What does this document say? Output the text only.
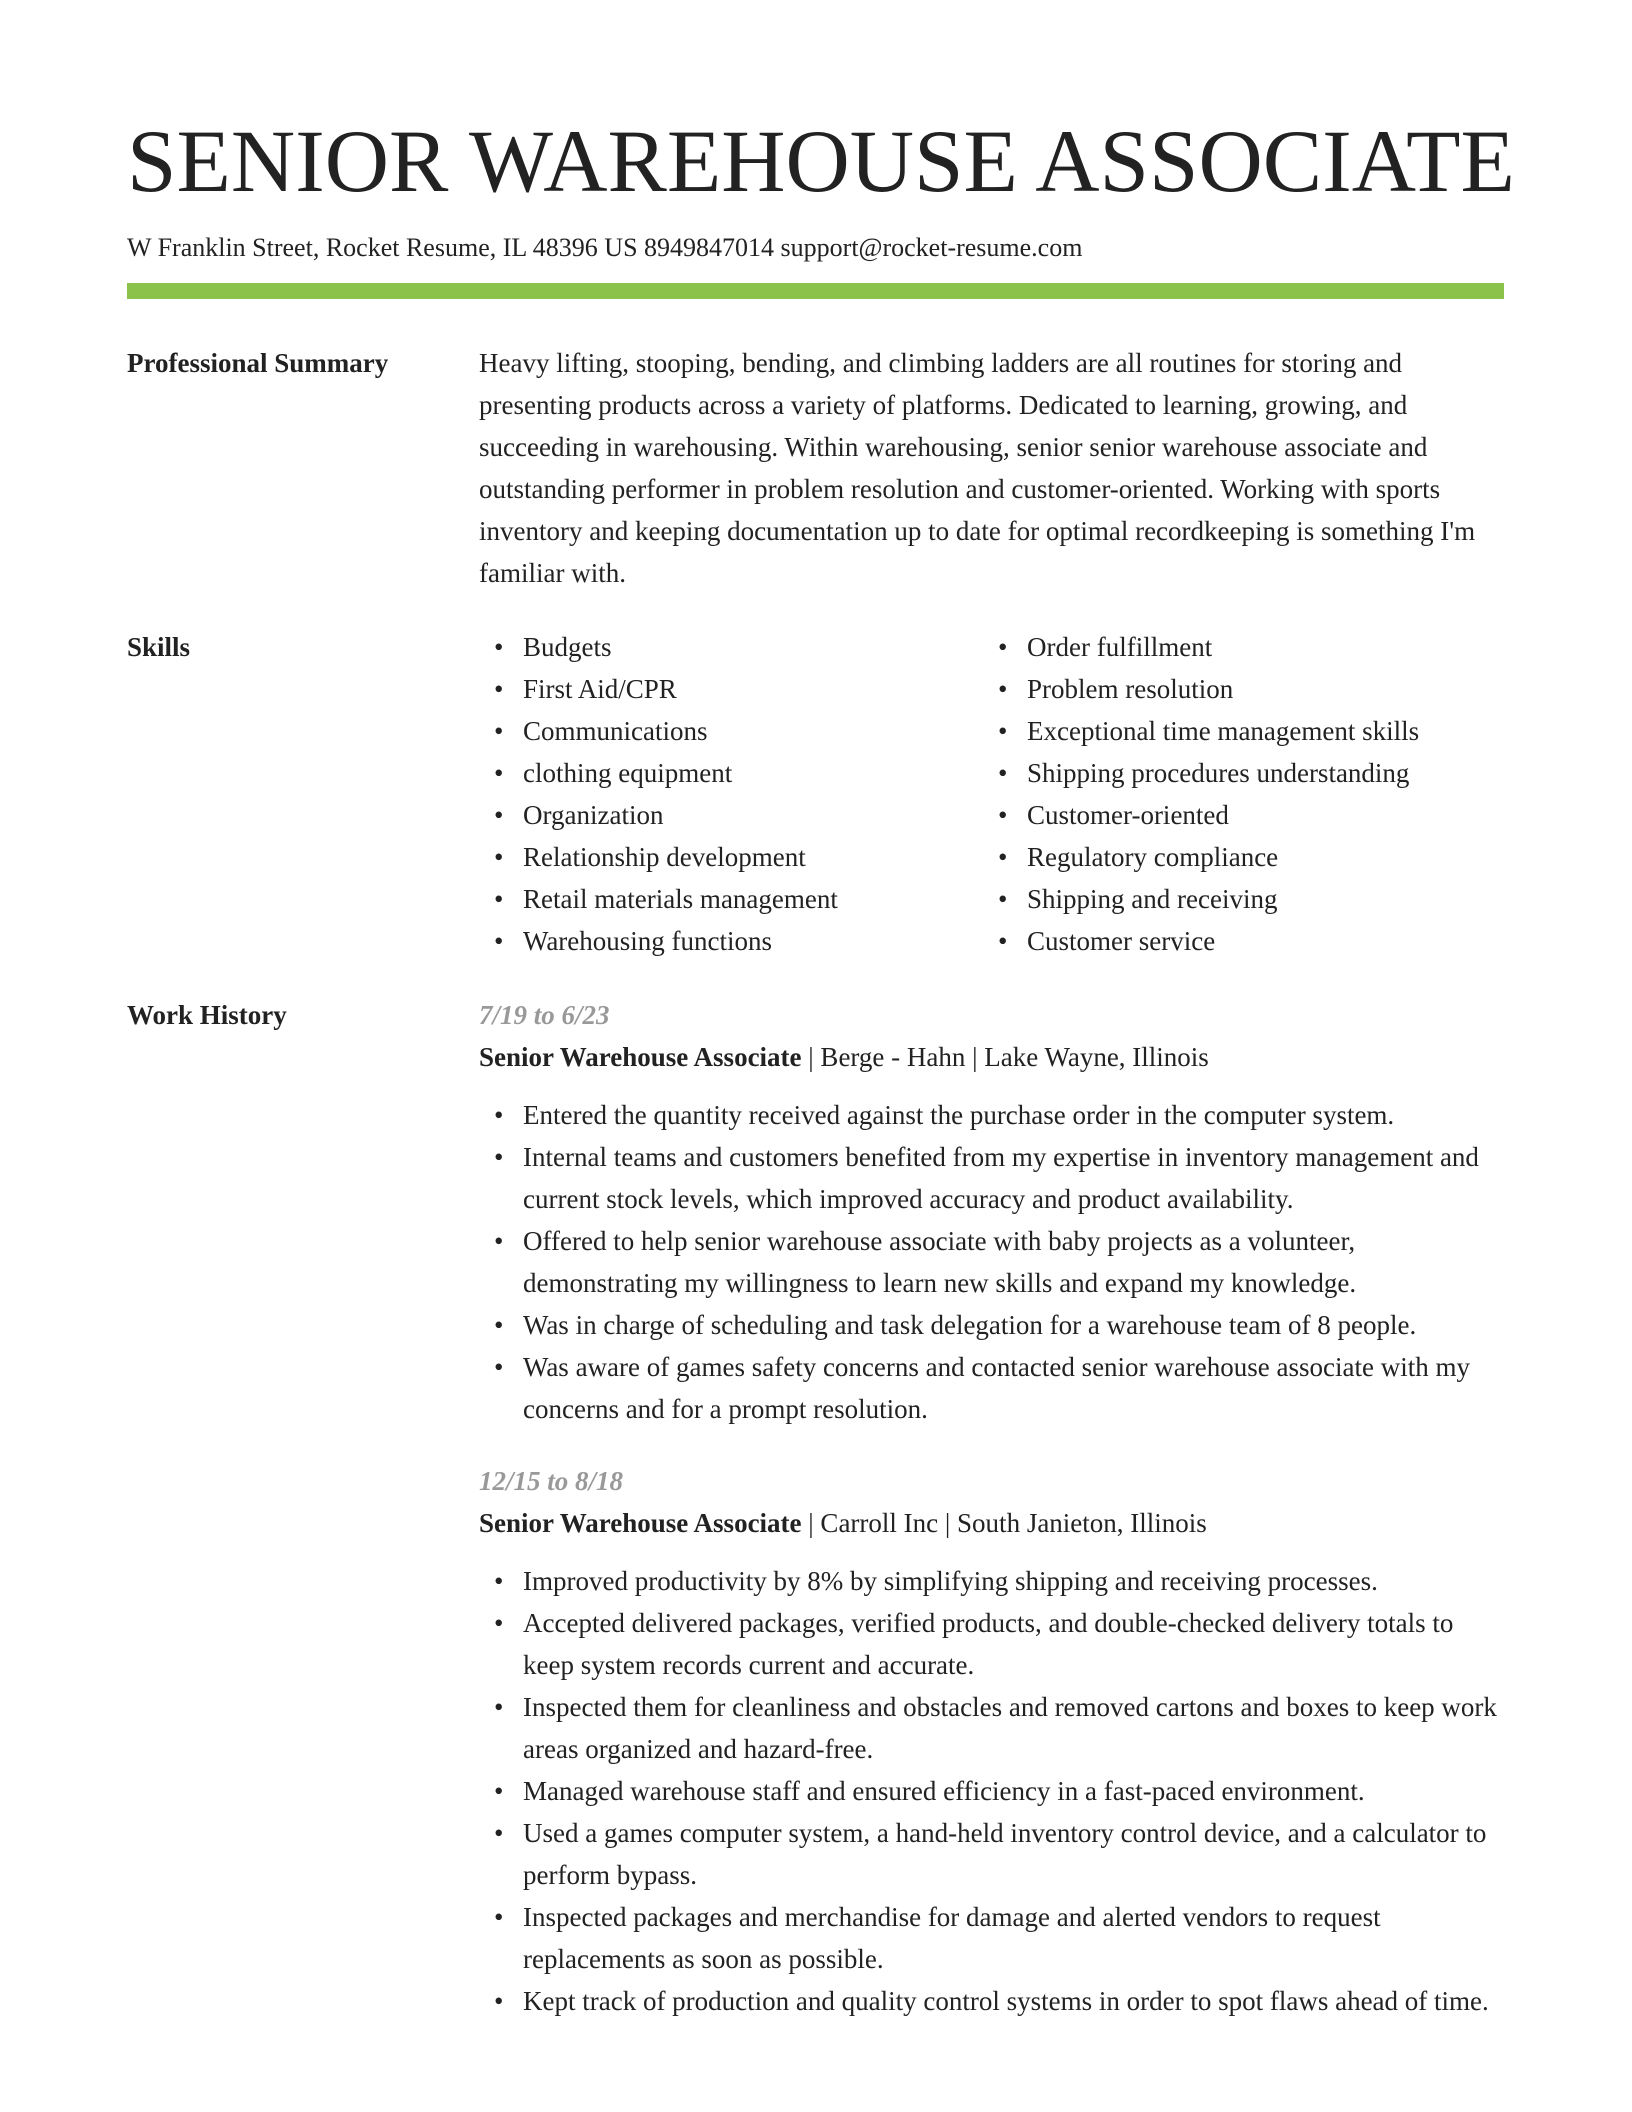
SENIOR WAREHOUSE ASSOCIATE
W Franklin Street, Rocket Resume, IL 48396 US 8949847014 support@rocket-resume.com
Professional Summary	Heavy lifting, stooping, bending, and climbing ladders are all routines for storing and presenting products across a variety of platforms. Dedicated to learning, growing, and succeeding in warehousing. Within warehousing, senior senior warehouse associate and outstanding performer in problem resolution and customer-oriented. Working with sports inventory and keeping documentation up to date for optimal recordkeeping is something I'm familiar with.
Skills	• Budgets
• First Aid/CPR
• Communications
• clothing equipment
• Organization
• Relationship development
• Retail materials management
• Warehousing functions
• Order fulfillment
• Problem resolution
• Exceptional time management skills
• Shipping procedures understanding
• Customer-oriented
• Regulatory compliance
• Shipping and receiving
• Customer service
Work History	7/19 to 6/23
Senior Warehouse Associate | Berge - Hahn | Lake Wayne, Illinois
• Entered the quantity received against the purchase order in the computer system.
• Internal teams and customers benefited from my expertise in inventory management and current stock levels, which improved accuracy and product availability.
• Offered to help senior warehouse associate with baby projects as a volunteer, demonstrating my willingness to learn new skills and expand my knowledge.
• Was in charge of scheduling and task delegation for a warehouse team of 8 people.
• Was aware of games safety concerns and contacted senior warehouse associate with my concerns and for a prompt resolution.
12/15 to 8/18
Senior Warehouse Associate | Carroll Inc | South Janieton, Illinois
• Improved productivity by 8% by simplifying shipping and receiving processes.
• Accepted delivered packages, verified products, and double-checked delivery totals to keep system records current and accurate.
• Inspected them for cleanliness and obstacles and removed cartons and boxes to keep work areas organized and hazard-free.
• Managed warehouse staff and ensured efficiency in a fast-paced environment.
• Used a games computer system, a hand-held inventory control device, and a calculator to perform bypass.
• Inspected packages and merchandise for damage and alerted vendors to request replacements as soon as possible.
• Kept track of production and quality control systems in order to spot flaws ahead of time.
